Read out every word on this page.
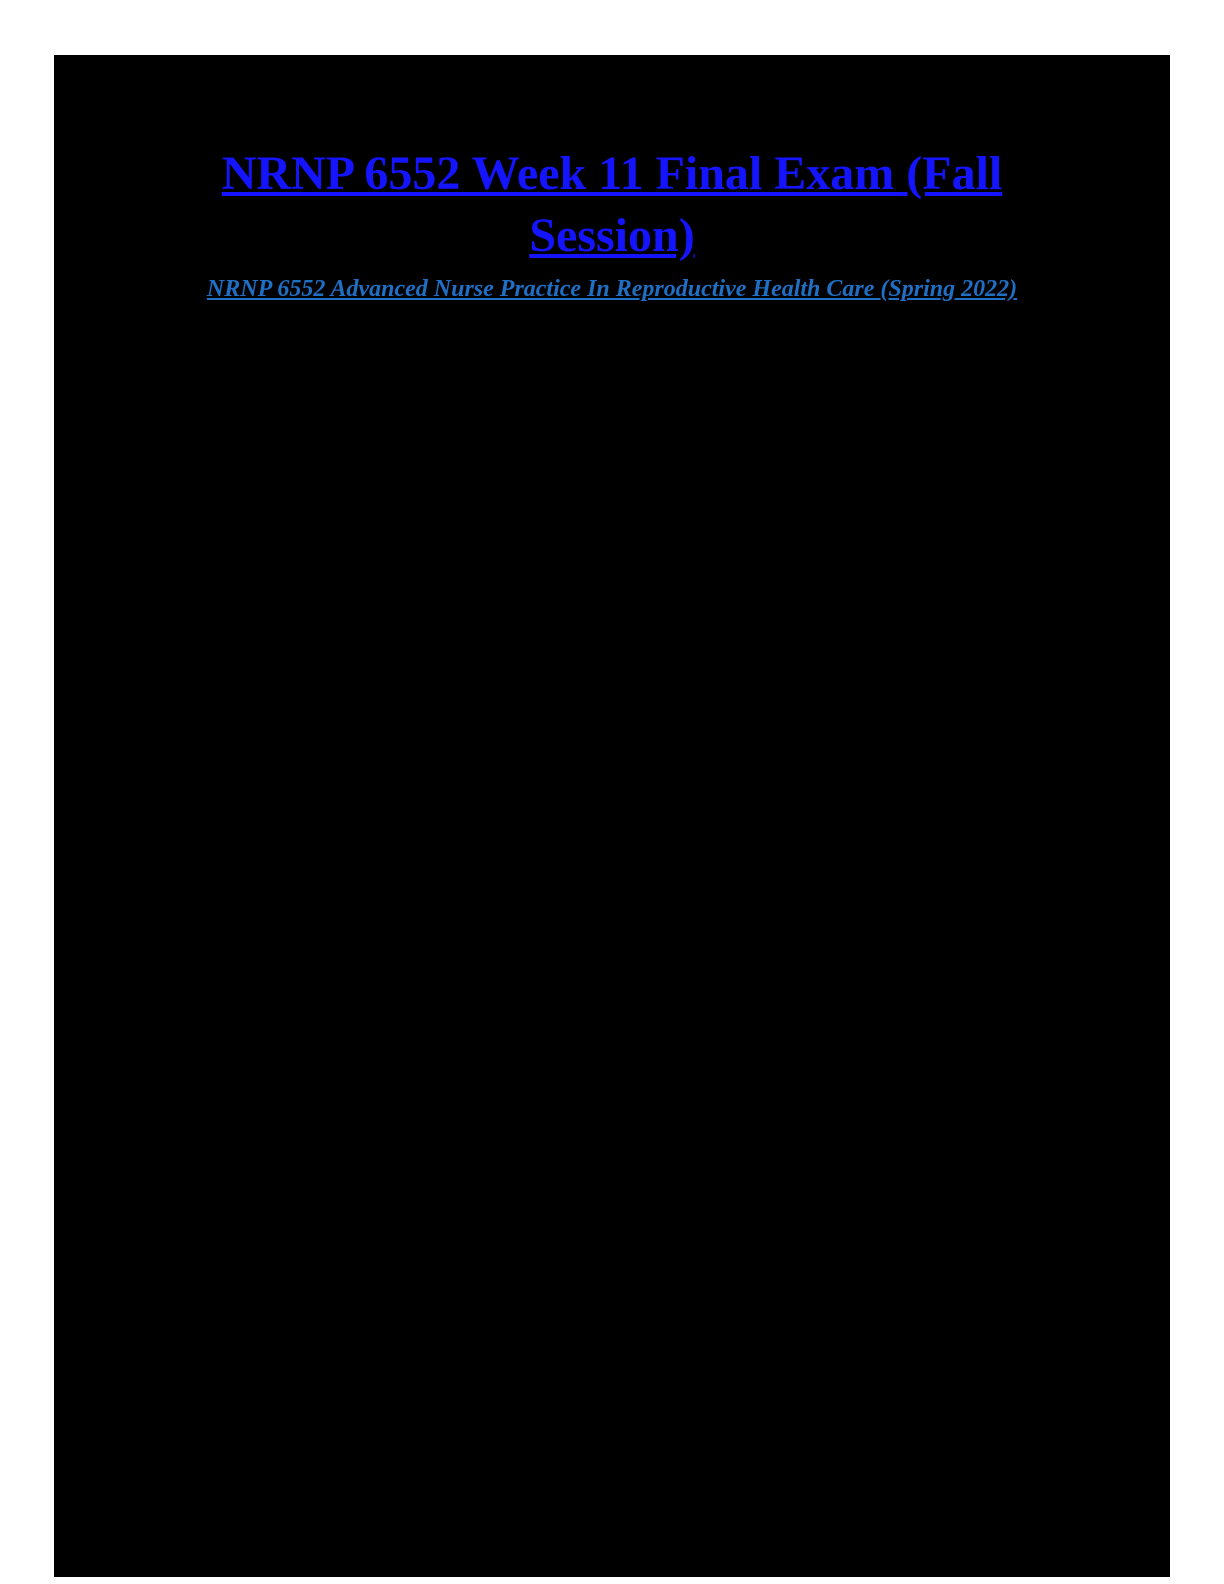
NRNP 6552 Week 11 Final Exam (Fall Session)
NRNP 6552 Advanced Nurse Practice In Reproductive Health Care (Spring 2022)
